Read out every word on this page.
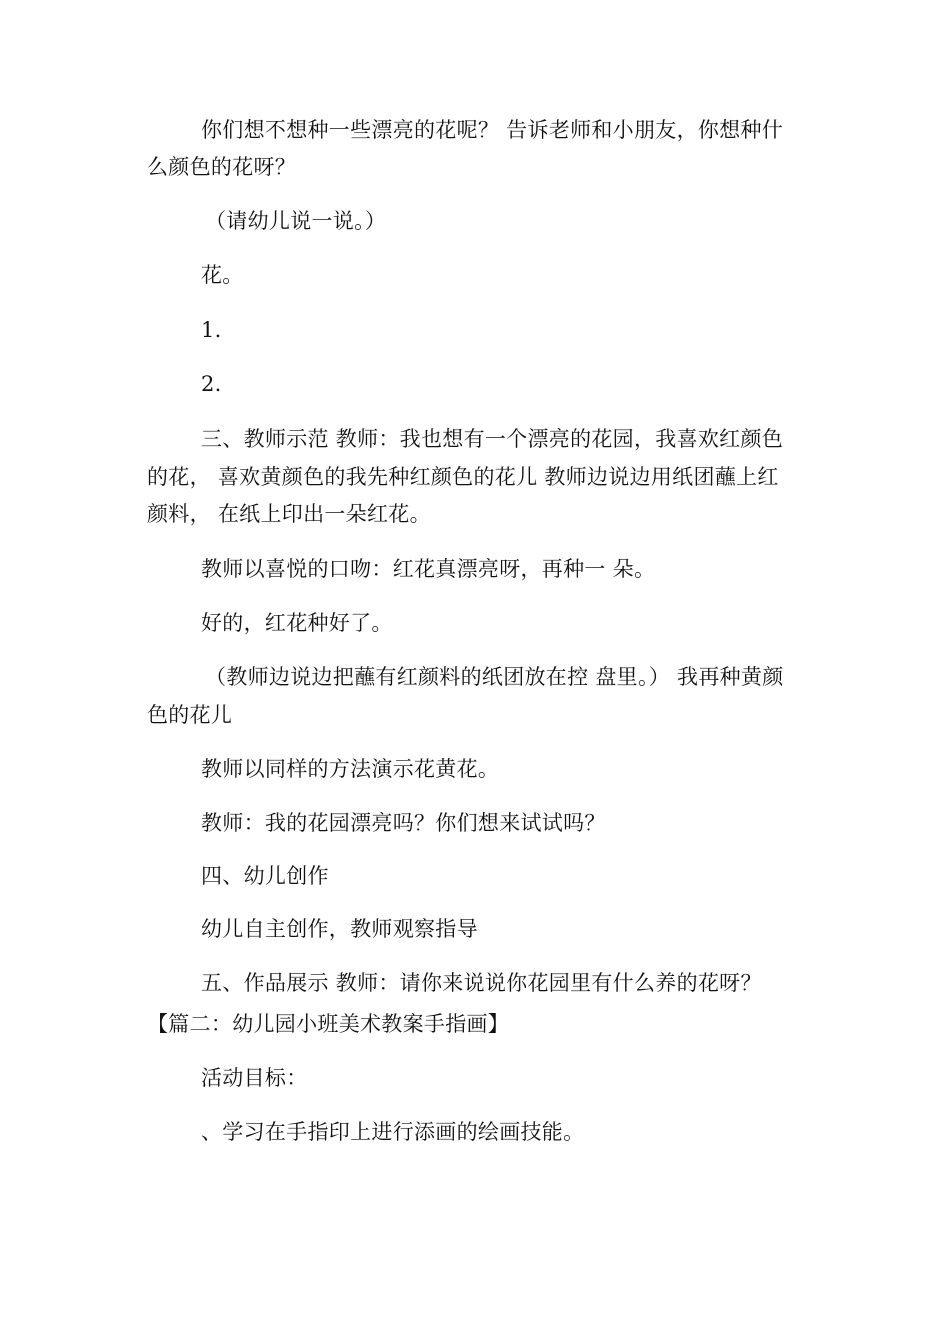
你们想不想种一些漂亮的花呢？ 告诉老师和小朋友，你想种什
么颜色的花呀？
（请幼儿说一说。）
花。
1.
2.
三、教师示范 教师：我也想有一个漂亮的花园，我喜欢红颜色
的花， 喜欢黄颜色的我先种红颜色的花儿 教师边说边用纸团蘸上红
颜料， 在纸上印出一朵红花。
教师以喜悦的口吻：红花真漂亮呀，再种一 朵。
好的，红花种好了。
（教师边说边把蘸有红颜料的纸团放在控 盘里。） 我再种黄颜
色的花儿
教师以同样的方法演示花黄花。
教师：我的花园漂亮吗？你们想来试试吗？
四、幼儿创作
幼儿自主创作，教师观察指导
五、作品展示 教师：请你来说说你花园里有什么养的花呀？
【篇二：幼儿园小班美术教案手指画】
活动目标：
、学习在手指印上进行添画的绘画技能。
